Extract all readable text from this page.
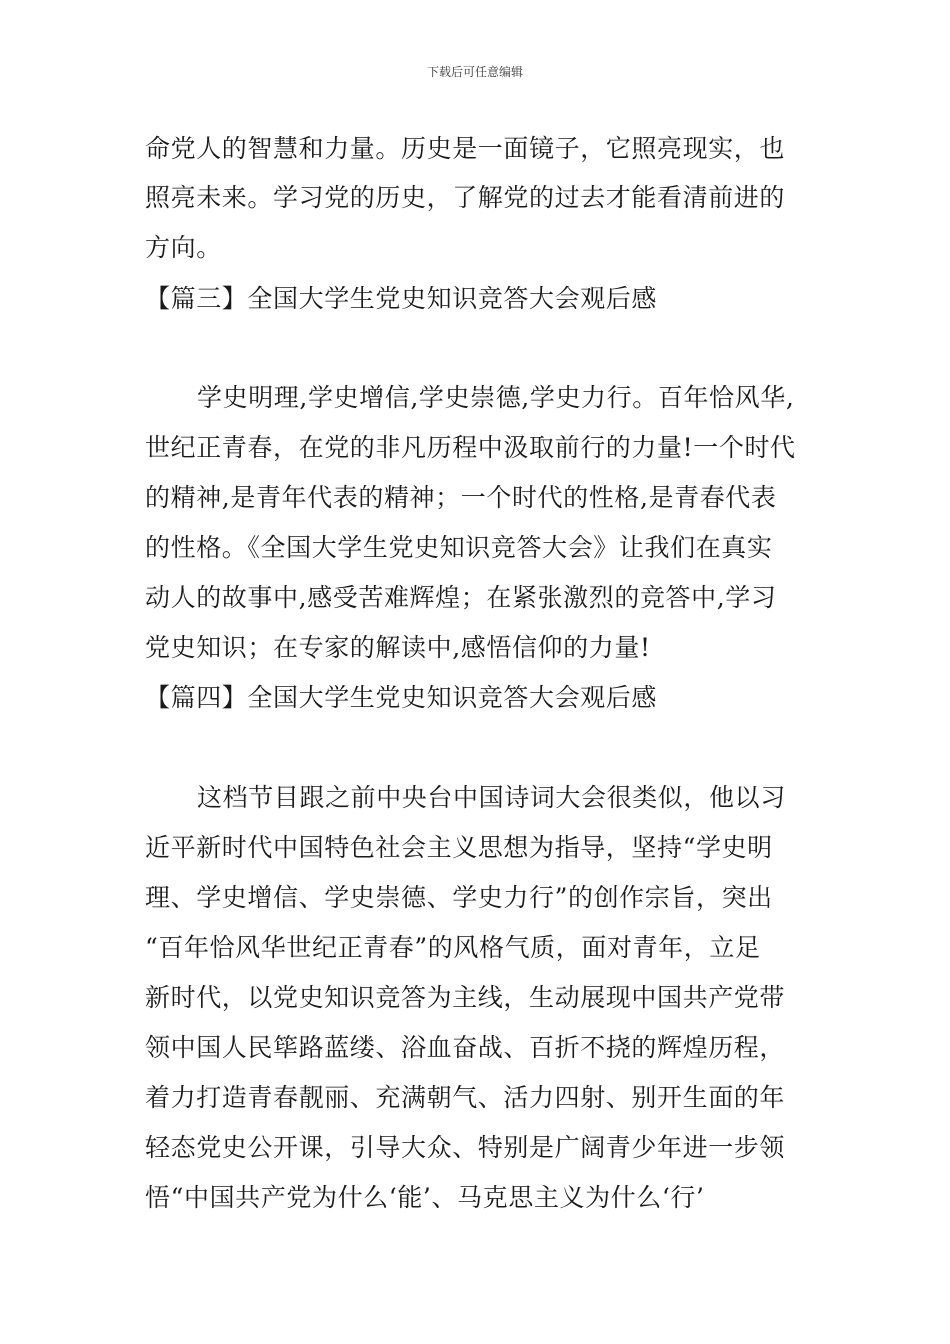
下载后可任意编辑
命党人的智慧和力量。历史是一面镜子，它照亮现实，也
照亮未来。学习党的历史，了解党的过去才能看清前进的
方向。
【篇三】全国大学生党史知识竞答大会观后感
学史明理,学史增信,学史崇德,学史力行。百年恰风华,
世纪正青春，在党的非凡历程中汲取前行的力量!一个时代
的精神,是青年代表的精神；一个时代的性格,是青春代表
的性格。《全国大学生党史知识竞答大会》让我们在真实
动人的故事中,感受苦难辉煌；在紧张激烈的竞答中,学习
党史知识；在专家的解读中,感悟信仰的力量!
【篇四】全国大学生党史知识竞答大会观后感
这档节目跟之前中央台中国诗词大会很类似，他以习
近平新时代中国特色社会主义思想为指导，坚持“学史明
理、学史增信、学史崇德、学史力行”的创作宗旨，突出
“百年恰风华世纪正青春”的风格气质，面对青年，立足
新时代，以党史知识竞答为主线，生动展现中国共产党带
领中国人民筚路蓝缕、浴血奋战、百折不挠的辉煌历程，
着力打造青春靓丽、充满朝气、活力四射、别开生面的年
轻态党史公开课，引导大众、特别是广阔青少年进一步领
悟“中国共产党为什么‘能’、马克思主义为什么‘行’
